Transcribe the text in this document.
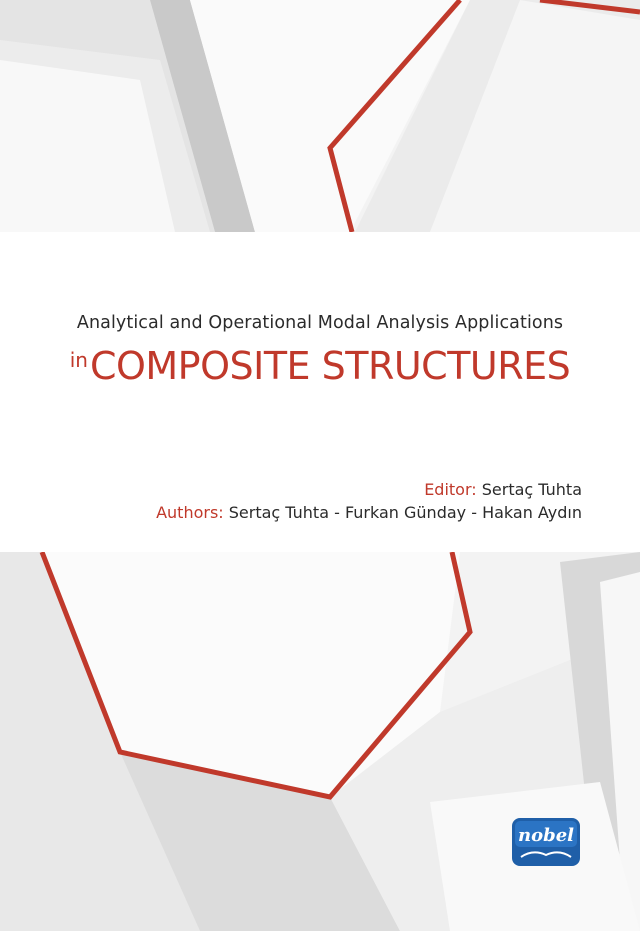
Analytical and Operational Modal Analysis Applications
inCOMPOSITE STRUCTURES
Editor: Sertaç Tuhta
Authors: Sertaç Tuhta - Furkan Günday - Hakan Aydın
nobel
